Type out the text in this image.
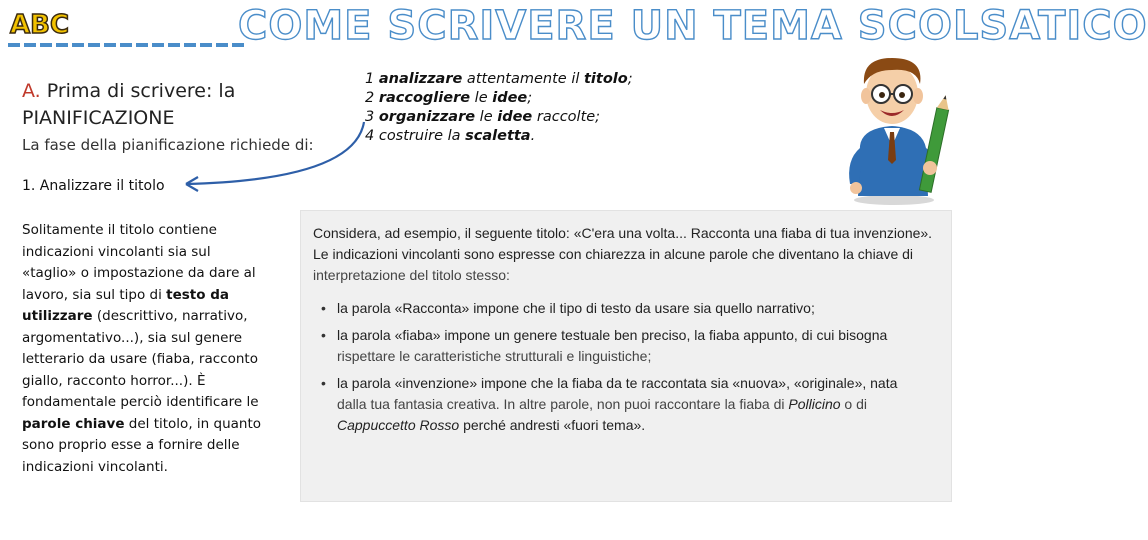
ABC	COME SCRIVERE UN TEMA SCOLSATICO
A. Prima di scrivere: la
PIANIFICAZIONE
La fase della pianificazione richiede di:
1. Analizzare il titolo

Solitamente il titolo contiene indicazioni vincolanti sia sul «taglio» o impostazione da dare al lavoro, sia sul tipo di testo da utilizzare (descrittivo, narrativo, argomentativo...), sia sul genere letterario da usare (fiaba, racconto giallo, racconto horror...). È fondamentale perciò identificare le parole chiave del titolo, in quanto sono proprio esse a fornire delle indicazioni vincolanti.

1 analizzare attentamente il titolo;
2 raccogliere le idee;
3 organizzare le idee raccolte;
4 costruire la scaletta.

Considera, ad esempio, il seguente titolo: «C'era una volta... Racconta una fiaba di tua invenzione».

Le indicazioni vincolanti sono espresse con chiarezza in alcune parole che diventano la chiave di
interpretazione del titolo stesso:

• la parola «Racconta» impone che il tipo di testo da usare sia quello narrativo;
• la parola «fiaba» impone un genere testuale ben preciso, la fiaba appunto, di cui bisogna
rispettare le caratteristiche strutturali e linguistiche;
• la parola «invenzione» impone che la fiaba da te raccontata sia «nuova», «originale», nata
dalla tua fantasia creativa. In altre parole, non puoi raccontare la fiaba di Pollicino o di
Cappuccetto Rosso perché andresti «fuori tema».
